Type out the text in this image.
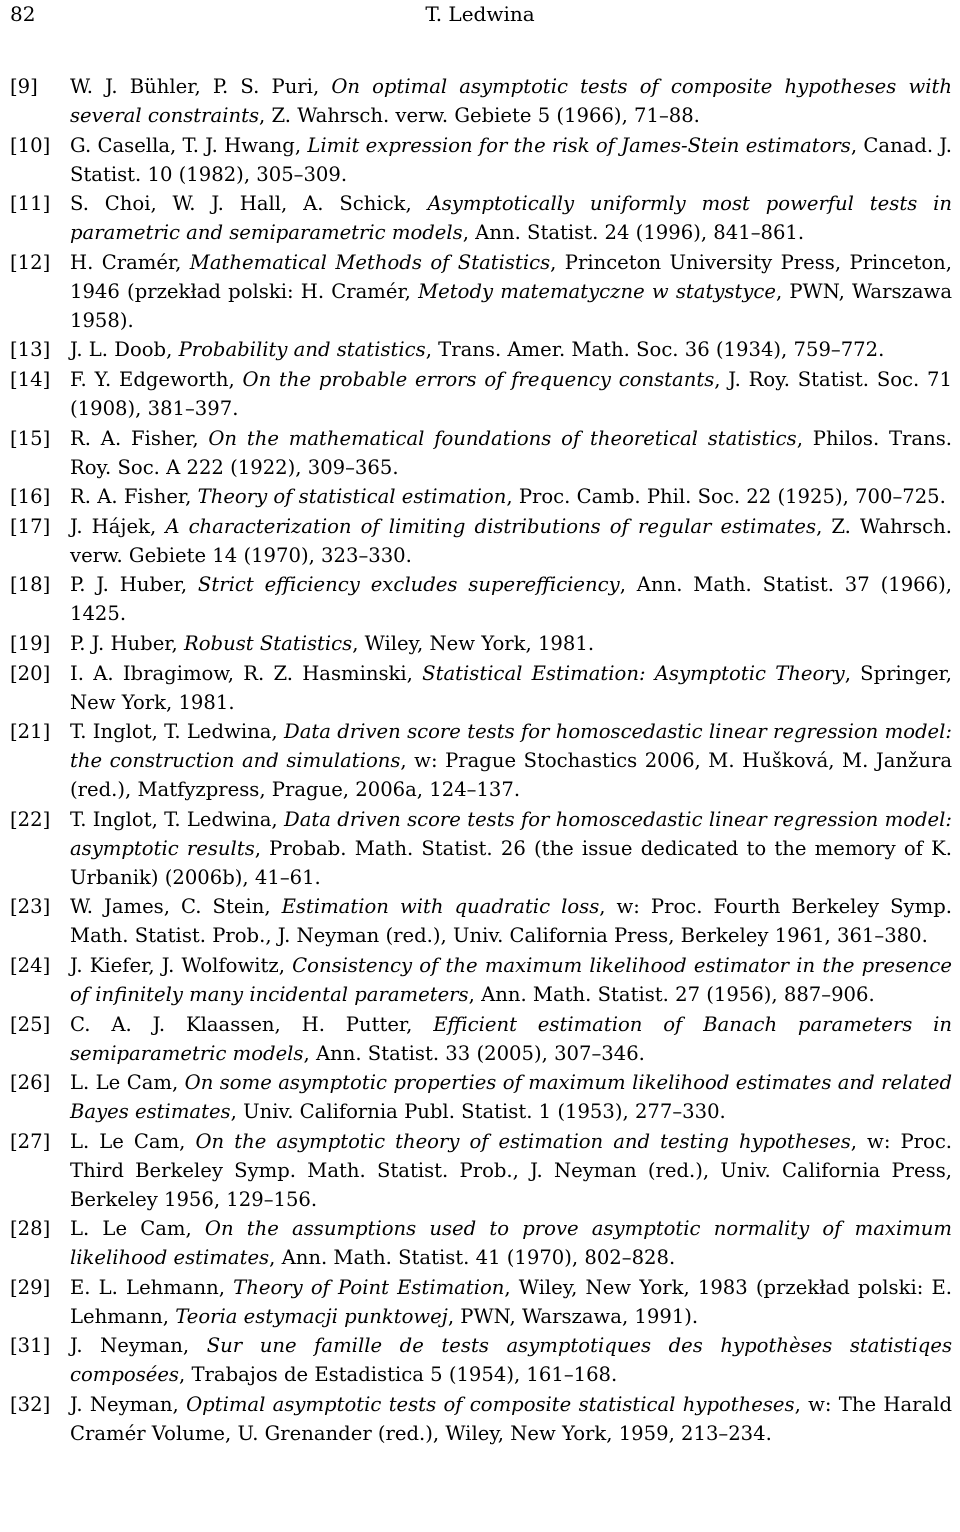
82	T. Ledwina
[9]	W. J. Bühler, P. S. Puri, On optimal asymptotic tests of composite hypotheses with several constraints, Z. Wahrsch. verw. Gebiete 5 (1966), 71–88.
[10]	G. Casella, T. J. Hwang, Limit expression for the risk of James-Stein estimators, Canad. J. Statist. 10 (1982), 305–309.
[11]	S. Choi, W. J. Hall, A. Schick, Asymptotically uniformly most powerful tests in parametric and semiparametric models, Ann. Statist. 24 (1996), 841–861.
[12]	H. Cramér, Mathematical Methods of Statistics, Princeton University Press, Princeton, 1946 (przekład polski: H. Cramér, Metody matematyczne w statystyce, PWN, Warszawa 1958).
[13]	J. L. Doob, Probability and statistics, Trans. Amer. Math. Soc. 36 (1934), 759–772.
[14]	F. Y. Edgeworth, On the probable errors of frequency constants, J. Roy. Statist. Soc. 71 (1908), 381–397.
[15]	R. A. Fisher, On the mathematical foundations of theoretical statistics, Philos. Trans. Roy. Soc. A 222 (1922), 309–365.
[16]	R. A. Fisher, Theory of statistical estimation, Proc. Camb. Phil. Soc. 22 (1925), 700–725.
[17]	J. Hájek, A characterization of limiting distributions of regular estimates, Z. Wahrsch. verw. Gebiete 14 (1970), 323–330.
[18]	P. J. Huber, Strict efficiency excludes superefficiency, Ann. Math. Statist. 37 (1966), 1425.
[19]	P. J. Huber, Robust Statistics, Wiley, New York, 1981.
[20]	I. A. Ibragimow, R. Z. Hasminski, Statistical Estimation: Asymptotic Theory, Springer, New York, 1981.
[21]	T. Inglot, T. Ledwina, Data driven score tests for homoscedastic linear regression model: the construction and simulations, w: Prague Stochastics 2006, M. Hušková, M. Janžura (red.), Matfyzpress, Prague, 2006a, 124–137.
[22]	T. Inglot, T. Ledwina, Data driven score tests for homoscedastic linear regression model: asymptotic results, Probab. Math. Statist. 26 (the issue dedicated to the memory of K. Urbanik) (2006b), 41–61.
[23]	W. James, C. Stein, Estimation with quadratic loss, w: Proc. Fourth Berkeley Symp. Math. Statist. Prob., J. Neyman (red.), Univ. California Press, Berkeley 1961, 361–380.
[24]	J. Kiefer, J. Wolfowitz, Consistency of the maximum likelihood estimator in the presence of infinitely many incidental parameters, Ann. Math. Statist. 27 (1956), 887–906.
[25]	C. A. J. Klaassen, H. Putter, Efficient estimation of Banach parameters in semiparametric models, Ann. Statist. 33 (2005), 307–346.
[26]	L. Le Cam, On some asymptotic properties of maximum likelihood estimates and related Bayes estimates, Univ. California Publ. Statist. 1 (1953), 277–330.
[27]	L. Le Cam, On the asymptotic theory of estimation and testing hypotheses, w: Proc. Third Berkeley Symp. Math. Statist. Prob., J. Neyman (red.), Univ. California Press, Berkeley 1956, 129–156.
[28]	L. Le Cam, On the assumptions used to prove asymptotic normality of maximum likelihood estimates, Ann. Math. Statist. 41 (1970), 802–828.
[29]	E. L. Lehmann, Theory of Point Estimation, Wiley, New York, 1983 (przekład polski: E. Lehmann, Teoria estymacji punktowej, PWN, Warszawa, 1991).
[31]	J. Neyman, Sur une famille de tests asymptotiques des hypothèses statistiqes composées, Trabajos de Estadistica 5 (1954), 161–168.
[32]	J. Neyman, Optimal asymptotic tests of composite statistical hypotheses, w: The Harald Cramér Volume, U. Grenander (red.), Wiley, New York, 1959, 213–234.
